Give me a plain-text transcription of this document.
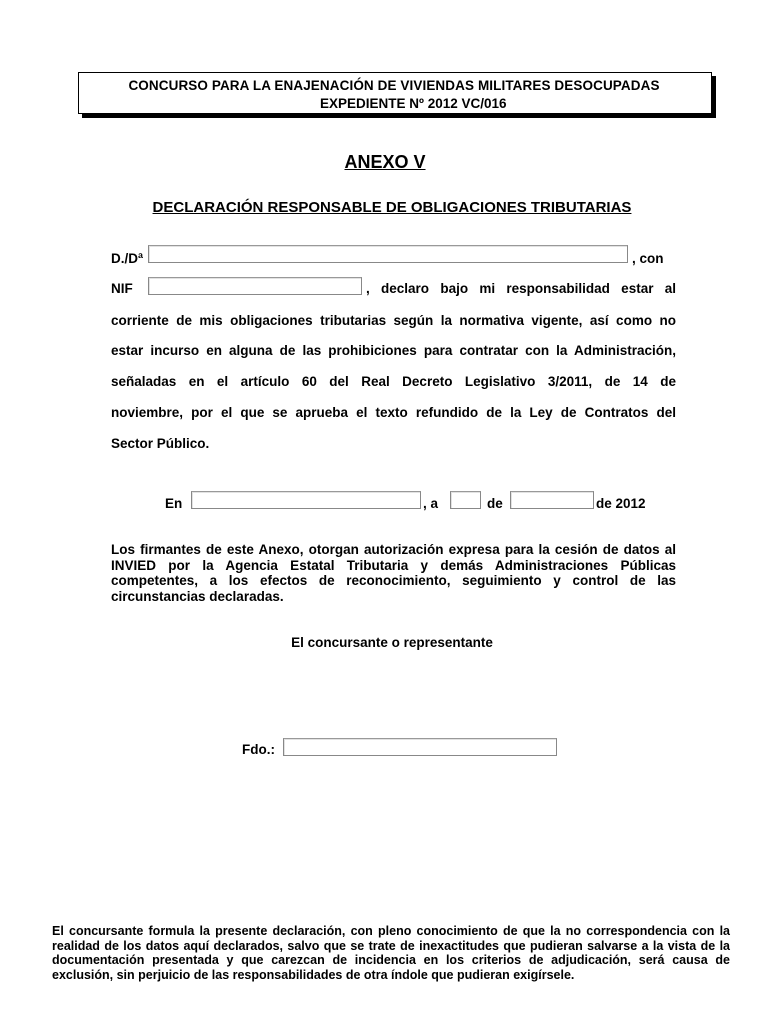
CONCURSO PARA LA ENAJENACIÓN DE VIVIENDAS MILITARES DESOCUPADAS
EXPEDIENTE Nº 2012 VC/016
ANEXO V
DECLARACIÓN RESPONSABLE DE OBLIGACIONES TRIBUTARIAS
D./Dª	, con
NIF	, declaro bajo mi responsabilidad estar al
corriente de mis obligaciones tributarias según la normativa vigente, así como no
estar incurso en alguna de las prohibiciones para contratar con la Administración,
señaladas en el artículo 60 del Real Decreto Legislativo 3/2011, de 14 de
noviembre, por el que se aprueba el texto refundido de la Ley de Contratos del
Sector Público.
En	, a	de	de 2012
Los firmantes de este Anexo, otorgan autorización expresa para la cesión de datos al INVIED por la Agencia Estatal Tributaria y demás Administraciones Públicas competentes, a los efectos de reconocimiento, seguimiento y control de las circunstancias declaradas.
El concursante o representante
Fdo.:
El concursante formula la presente declaración, con pleno conocimiento de que la no correspondencia con la realidad de los datos aquí declarados, salvo que se trate de inexactitudes que pudieran salvarse a la vista de la documentación presentada y que carezcan de incidencia en los criterios de adjudicación, será causa de exclusión, sin perjuicio de las responsabilidades de otra índole que pudieran exigírsele.
